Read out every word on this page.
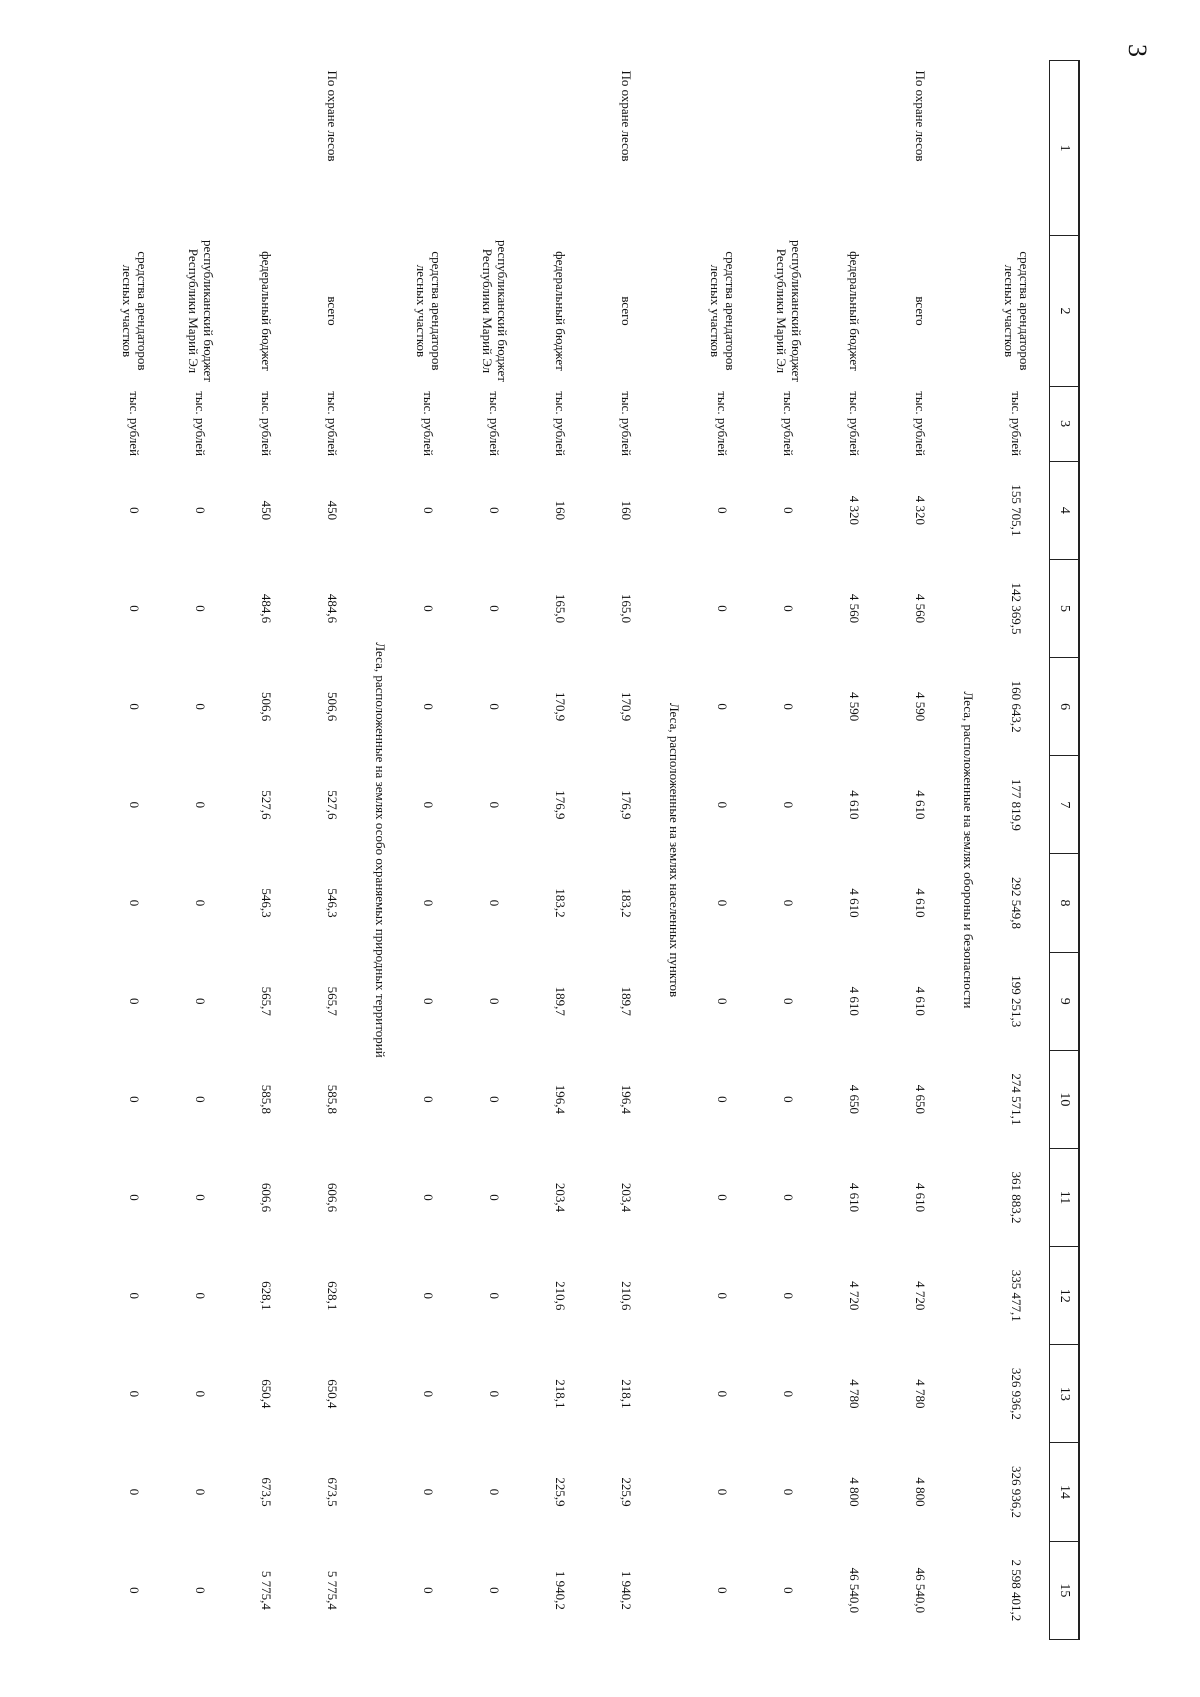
3
1	2	3	4	5	6	7	8	9	10	11	12	13	14	15
	средства арендаторов лесных участков	тыс. рублей	155 705,1	142 369,5	160 643,2	177 819,9	292 549,8	199 251,3	274 571,1	361 883,2	335 477,1	326 936,2	326 936,2	2 598 401,2
Леса, расположенные на землях обороны и безопасности														
По охране лесов	всего	тыс. рублей	4 320	4 560	4 590	4 610	4 610	4 610	4 650	4 610	4 720	4 780	4 800	46 540,0
	федеральный бюджет	тыс. рублей	4 320	4 560	4 590	4 610	4 610	4 610	4 650	4 610	4 720	4 780	4 800	46 540,0
	республиканский бюджет Республики Марий Эл	тыс. рублей	0	0	0	0	0	0	0	0	0	0	0	0
	средства арендаторов лесных участков	тыс. рублей	0	0	0	0	0	0	0	0	0	0	0	0
Леса, расположенные на землях населенных пунктов														
По охране лесов	всего	тыс. рублей	160	165,0	170,9	176,9	183,2	189,7	196,4	203,4	210,6	218,1	225,9	1 940,2
	федеральный бюджет	тыс. рублей	160	165,0	170,9	176,9	183,2	189,7	196,4	203,4	210,6	218,1	225,9	1 940,2
	республиканский бюджет Республики Марий Эл	тыс. рублей	0	0	0	0	0	0	0	0	0	0	0	0
	средства арендаторов лесных участков	тыс. рублей	0	0	0	0	0	0	0	0	0	0	0	0
Леса, расположенные на землях особо охраняемых природных территорий														
По охране лесов	всего	тыс. рублей	450	484,6	506,6	527,6	546,3	565,7	585,8	606,6	628,1	650,4	673,5	5 775,4
	федеральный бюджет	тыс. рублей	450	484,6	506,6	527,6	546,3	565,7	585,8	606,6	628,1	650,4	673,5	5 775,4
	республиканский бюджет Республики Марий Эл	тыс. рублей	0	0	0	0	0	0	0	0	0	0	0	0
	средства арендаторов лесных участков	тыс. рублей	0	0	0	0	0	0	0	0	0	0	0	0
